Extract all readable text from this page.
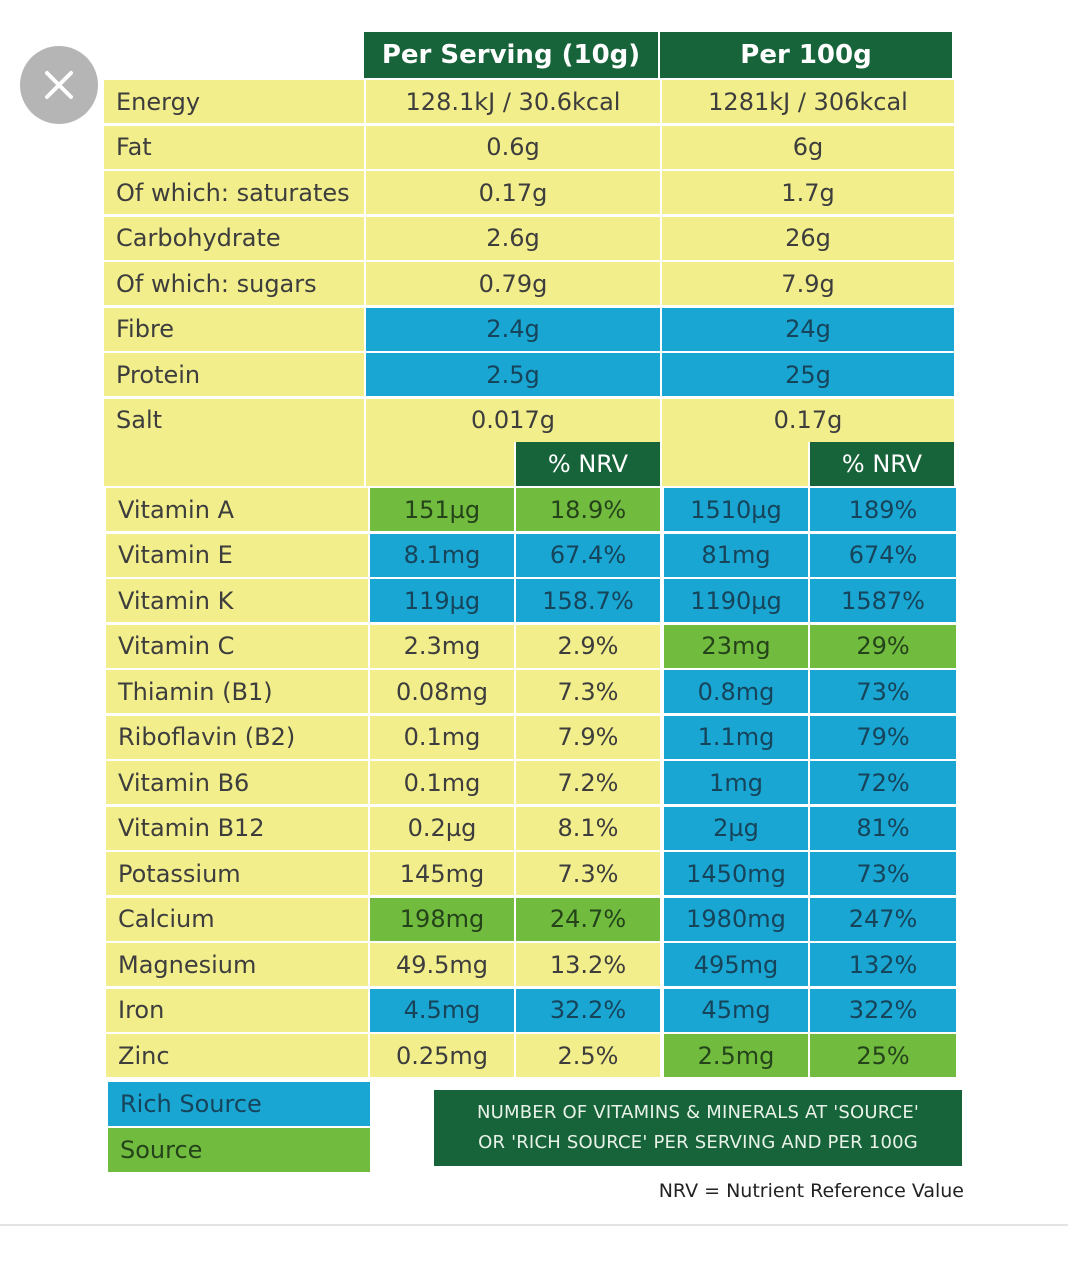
Per Serving (10g)	Per 100g
% NRV	% NRV
Rich Source
Source
NUMBER OF VITAMINS & MINERALS AT 'SOURCE'
OR 'RICH SOURCE' PER SERVING AND PER 100G
NRV = Nutrient Reference Value
Energy	128.1kJ / 30.6kcal	1281kJ / 306kcal
Fat	0.6g	6g
Of which: saturates	0.17g	1.7g
Carbohydrate	2.6g	26g
Of which: sugars	0.79g	7.9g
Fibre	2.4g	24g
Protein	2.5g	25g
Salt	0.017g	0.17g
Vitamin A	151µg	18.9%	1510µg	189%
Vitamin E	8.1mg	67.4%	81mg	674%
Vitamin K	119µg	158.7%	1190µg	1587%
Vitamin C	2.3mg	2.9%	23mg	29%
Thiamin (B1)	0.08mg	7.3%	0.8mg	73%
Riboflavin (B2)	0.1mg	7.9%	1.1mg	79%
Vitamin B6	0.1mg	7.2%	1mg	72%
Vitamin B12	0.2µg	8.1%	2µg	81%
Potassium	145mg	7.3%	1450mg	73%
Calcium	198mg	24.7%	1980mg	247%
Magnesium	49.5mg	13.2%	495mg	132%
Iron	4.5mg	32.2%	45mg	322%
Zinc	0.25mg	2.5%	2.5mg	25%
